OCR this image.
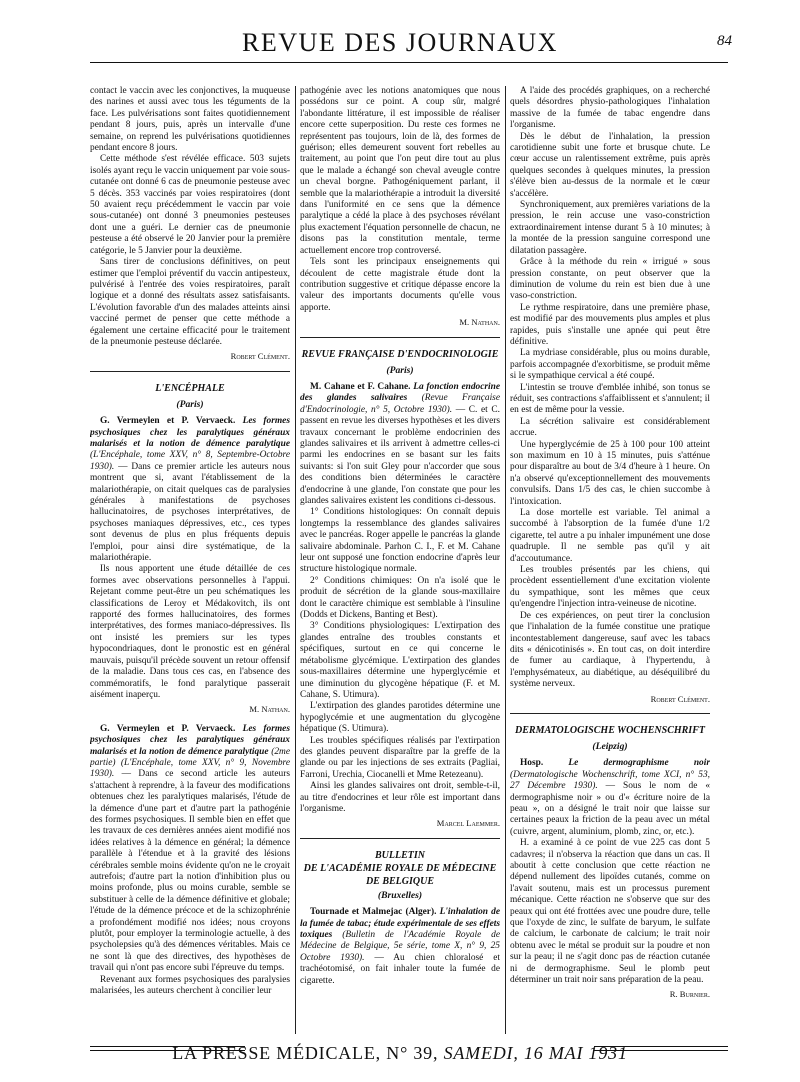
REVUE DES JOURNAUX	84

contact le vaccin avec les conjonctives, la muqueuse des narines et aussi avec tous les téguments de la face. Les pulvérisations sont faites quotidiennement pendant 8 jours, puis, après un intervalle d'une semaine, on reprend les pulvérisations quotidiennes pendant encore 8 jours.

Cette méthode s'est révélée efficace. 503 sujets isolés ayant reçu le vaccin uniquement par voie sous-cutanée ont donné 6 cas de pneumonie pesteuse avec 5 décès. 353 vaccinés par voies respiratoires (dont 50 avaient reçu précédemment le vaccin par voie sous-cutanée) ont donné 3 pneumonies pesteuses dont une a guéri. Le dernier cas de pneumonie pesteuse a été observé le 20 Janvier pour la première catégorie, le 5 Janvier pour la deuxième.

Sans tirer de conclusions définitives, on peut estimer que l'emploi préventif du vaccin antipesteux, pulvérisé à l'entrée des voies respiratoires, paraît logique et a donné des résultats assez satisfaisants. L'évolution favorable d'un des malades atteints ainsi vacciné permet de penser que cette méthode a également une certaine efficacité pour le traitement de la pneumonie pesteuse déclarée.

Robert Clément.
L'ENCÉPHALE
(Paris)

G. Vermeylen et P. Vervaeck. Les formes psychosiques chez les paralytiques généraux malarisés et la notion de démence paralytique (L'Encéphale, tome XXV, n° 8, Septembre-Octobre 1930). — Dans ce premier article les auteurs nous montrent que si, avant l'établissement de la malariothérapie, on citait quelques cas de paralysies générales à manifestations de psychoses hallucinatoires, de psychoses interprétatives, de psychoses maniaques dépressives, etc., ces types sont devenus de plus en plus fréquents depuis l'emploi, pour ainsi dire systématique, de la malariothérapie.

Ils nous apportent une étude détaillée de ces formes avec observations personnelles à l'appui. Rejetant comme peut-être un peu schématiques les classifications de Leroy et Médakovitch, ils ont rapporté des formes hallucinatoires, des formes interprétatives, des formes maniaco-dépressives. Ils ont insisté les premiers sur les types hypocondriaques, dont le pronostic est en général mauvais, puisqu'il précède souvent un retour offensif de la maladie. Dans tous ces cas, en l'absence des commémoratifs, le fond paralytique passerait aisément inaperçu.

M. Nathan.

G. Vermeylen et P. Vervaeck. Les formes psychosiques chez les paralytiques généraux malarisés et la notion de démence paralytique (2me partie) (L'Encéphale, tome XXV, n° 9, Novembre 1930). — Dans ce second article les auteurs s'attachent à reprendre, à la faveur des modifications obtenues chez les paralytiques malarisés, l'étude de la démence d'une part et d'autre part la pathogénie des formes psychosiques. Il semble bien en effet que les travaux de ces dernières années aient modifié nos idées relatives à la démence en général; la démence parallèle à l'étendue et à la gravité des lésions cérébrales semble moins évidente qu'on ne le croyait autrefois; d'autre part la notion d'inhibition plus ou moins profonde, plus ou moins curable, semble se substituer à celle de la démence définitive et globale; l'étude de la démence précoce et de la schizophrénie a profondément modifié nos idées; nous croyons plutôt, pour employer la terminologie actuelle, à des psycholepsies qu'à des démences véritables. Mais ce ne sont là que des directives, des hypothèses de travail qui n'ont pas encore subi l'épreuve du temps.

Revenant aux formes psychosiques des paralysies malarisées, les auteurs cherchent à concilier leur

pathogénie avec les notions anatomiques que nous possédons sur ce point. A coup sûr, malgré l'abondante littérature, il est impossible de réaliser encore cette superposition. Du reste ces formes ne représentent pas toujours, loin de là, des formes de guérison; elles demeurent souvent fort rebelles au traitement, au point que l'on peut dire tout au plus que le malade a échangé son cheval aveugle contre un cheval borgne. Pathogéniquement parlant, il semble que la malariothérapie a introduit la diversité dans l'uniformité en ce sens que la démence paralytique a cédé la place à des psychoses révélant plus exactement l'équation personnelle de chacun, ne disons pas la constitution mentale, terme actuellement encore trop controversé.

Tels sont les principaux enseignements qui découlent de cette magistrale étude dont la contribution suggestive et critique dépasse encore la valeur des importants documents qu'elle vous apporte.

M. Nathan.
REVUE FRANÇAISE D'ENDOCRINOLOGIE
(Paris)

M. Cahane et F. Cahane. La fonction endocrine des glandes salivaires (Revue Française d'Endocrinologie, n° 5, Octobre 1930). — C. et C. passent en revue les diverses hypothèses et les divers travaux concernant le problème endocrinien des glandes salivaires et ils arrivent à admettre celles-ci parmi les endocrines en se basant sur les faits suivants: si l'on suit Gley pour n'accorder que sous des conditions bien déterminées le caractère d'endocrine à une glande, l'on constate que pour les glandes salivaires existent les conditions ci-dessous.

1° Conditions histologiques: On connaît depuis longtemps la ressemblance des glandes salivaires avec le pancréas. Roger appelle le pancréas la glande salivaire abdominale. Parhon C. I., F. et M. Cahane leur ont supposé une fonction endocrine d'après leur structure histologique normale.

2° Conditions chimiques: On n'a isolé que le produit de sécrétion de la glande sous-maxillaire dont le caractère chimique est semblable à l'insuline (Dodds et Dickens, Banting et Best).

3° Conditions physiologiques: L'extirpation des glandes entraîne des troubles constants et spécifiques, surtout en ce qui concerne le métabolisme glycémique. L'extirpation des glandes sous-maxillaires détermine une hyperglycémie et une diminution du glycogène hépatique (F. et M. Cahane, S. Utimura).

L'extirpation des glandes parotides détermine une hypoglycémie et une augmentation du glycogène hépatique (S. Utimura).

Les troubles spécifiques réalisés par l'extirpation des glandes peuvent disparaître par la greffe de la glande ou par les injections de ses extraits (Pagliai, Farroni, Urechia, Ciocanelli et Mme Retezeanu).

Ainsi les glandes salivaires ont droit, semble-t-il, au titre d'endocrines et leur rôle est important dans l'organisme.

Marcel Laemmer.
BULLETIN
DE L'ACADÉMIE ROYALE DE MÉDECINE
DE BELGIQUE
(Bruxelles)

Tournade et Malmejac (Alger). L'inhalation de la fumée de tabac; étude expérimentale de ses effets toxiques (Bulletin de l'Académie Royale de Médecine de Belgique, 5e série, tome X, n° 9, 25 Octobre 1930). — Au chien chloralosé et trachéotomisé, on fait inhaler toute la fumée de cigarette.

A l'aide des procédés graphiques, on a recherché quels désordres physio-pathologiques l'inhalation massive de la fumée de tabac engendre dans l'organisme.

Dès le début de l'inhalation, la pression carotidienne subit une forte et brusque chute. Le cœur accuse un ralentissement extrême, puis après quelques secondes à quelques minutes, la pression s'élève bien au-dessus de la normale et le cœur s'accélère.

Synchroniquement, aux premières variations de la pression, le rein accuse une vaso-constriction extraordinairement intense durant 5 à 10 minutes; à la montée de la pression sanguine correspond une dilatation passagère.

Grâce à la méthode du rein « irrigué » sous pression constante, on peut observer que la diminution de volume du rein est bien due à une vaso-constriction.

Le rythme respiratoire, dans une première phase, est modifié par des mouvements plus amples et plus rapides, puis s'installe une apnée qui peut être définitive.

La mydriase considérable, plus ou moins durable, parfois accompagnée d'exorbitisme, se produit même si le sympathique cervical a été coupé.

L'intestin se trouve d'emblée inhibé, son tonus se réduit, ses contractions s'affaiblissent et s'annulent; il en est de même pour la vessie.

La sécrétion salivaire est considérablement accrue.

Une hyperglycémie de 25 à 100 pour 100 atteint son maximum en 10 à 15 minutes, puis s'atténue pour disparaître au bout de 3/4 d'heure à 1 heure. On n'a observé qu'exceptionnellement des mouvements convulsifs. Dans 1/5 des cas, le chien succombe à l'intoxication.

La dose mortelle est variable. Tel animal a succombé à l'absorption de la fumée d'une 1/2 cigarette, tel autre a pu inhaler impunément une dose quadruple. Il ne semble pas qu'il y ait d'accoutumance.

Les troubles présentés par les chiens, qui procèdent essentiellement d'une excitation violente du sympathique, sont les mêmes que ceux qu'engendre l'injection intra-veineuse de nicotine.

De ces expériences, on peut tirer la conclusion que l'inhalation de la fumée constitue une pratique incontestablement dangereuse, sauf avec les tabacs dits « dénicotinisés ». En tout cas, on doit interdire de fumer au cardiaque, à l'hypertendu, à l'emphysémateux, au diabétique, au déséquilibré du système nerveux.

Robert Clément.
DERMATOLOGISCHE WOCHENSCHRIFT
(Leipzig)

Hosp.	Le dermographisme noir (Dermatologische Wochenschrift, tome XCI, n° 53, 27 Décembre 1930). — Sous le nom de « dermographisme noir » ou d'« écriture noire de la peau », on a désigné le trait noir que laisse sur certaines peaux la friction de la peau avec un métal (cuivre, argent, aluminium, plomb, zinc, or, etc.).

H. a examiné à ce point de vue 225 cas dont 5 cadavres; il n'observa la réaction que dans un cas. Il aboutit à cette conclusion que cette réaction ne dépend nullement des lipoïdes cutanés, comme on l'avait soutenu, mais est un processus purement mécanique. Cette réaction ne s'observe que sur des peaux qui ont été frottées avec une poudre dure, telle que l'oxyde de zinc, le sulfate de baryum, le sulfate de calcium, le carbonate de calcium; le trait noir obtenu avec le métal se produit sur la poudre et non sur la peau; il ne s'agit donc pas de réaction cutanée ni de dermographisme. Seul le plomb peut déterminer un trait noir sans préparation de la peau.

R. Burnier.
LA PRESSE MÉDICALE, N° 39, SAMEDI, 16 MAI 1931
